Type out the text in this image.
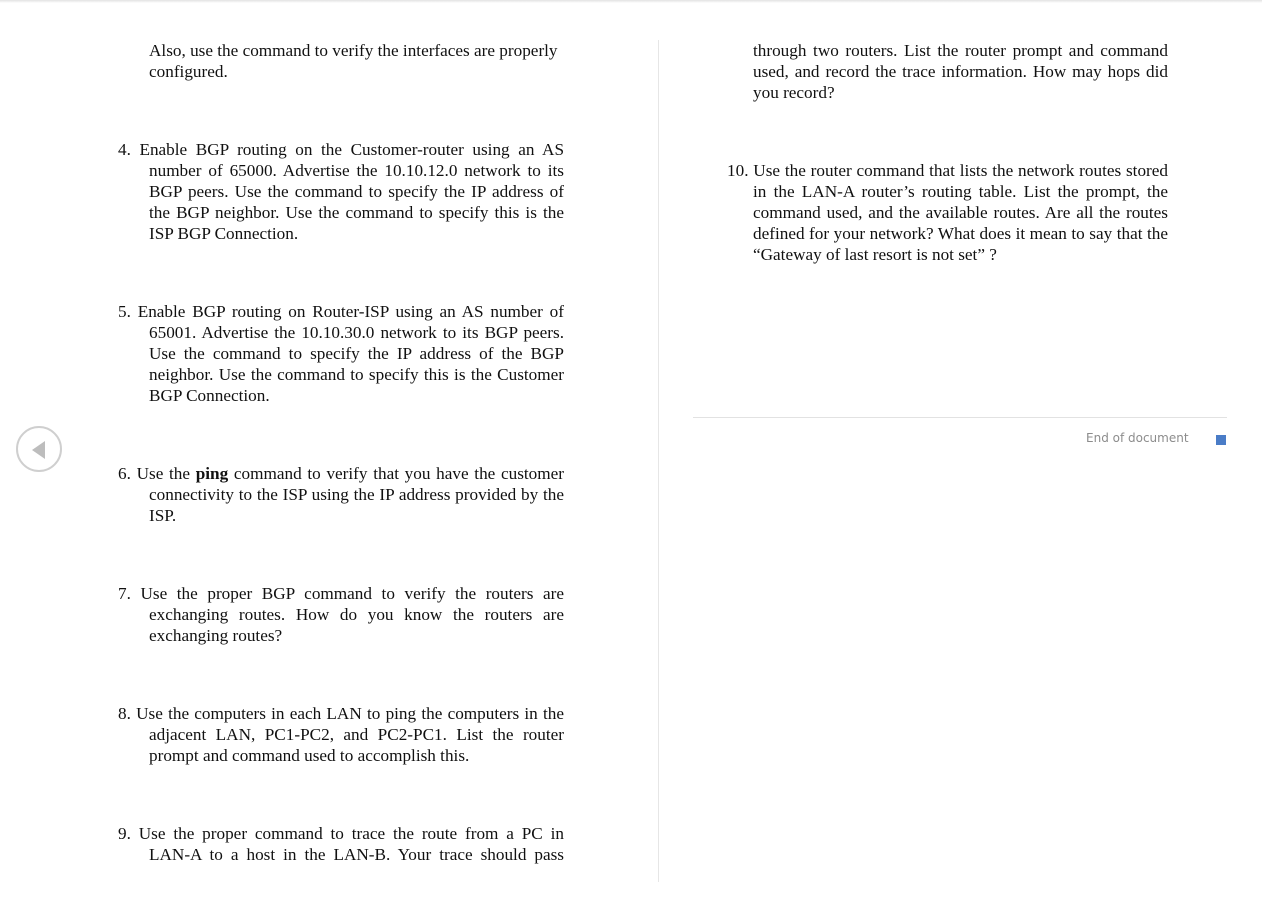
Also, use the command to verify the interfaces are properly configured.

4. Enable BGP routing on the Customer-router using an AS number of 65000. Advertise the 10.10.12.0 network to its BGP peers. Use the command to specify the IP address of the BGP neighbor. Use the command to specify this is the ISP BGP Connection.

5. Enable BGP routing on Router-ISP using an AS number of 65001. Advertise the 10.10.30.0 network to its BGP peers. Use the command to specify the IP address of the BGP neighbor. Use the command to specify this is the Customer BGP Connection.

6. Use the ping command to verify that you have the customer connectivity to the ISP using the IP address provided by the ISP.

7. Use the proper BGP command to verify the routers are exchanging routes. How do you know the routers are exchanging routes?

8. Use the computers in each LAN to ping the computers in the adjacent LAN, PC1-PC2, and PC2-PC1. List the router prompt and command used to accomplish this.

9. Use the proper command to trace the route from a PC in LAN-A to a host in the LAN-B. Your trace should pass

through two routers. List the router prompt and command used, and record the trace information. How may hops did you record?

10. Use the router command that lists the network routes stored in the LAN-A router’s routing table. List the prompt, the command used, and the available routes. Are all the routes defined for your network? What does it mean to say that the “Gateway of last resort is not set” ?

End of document
